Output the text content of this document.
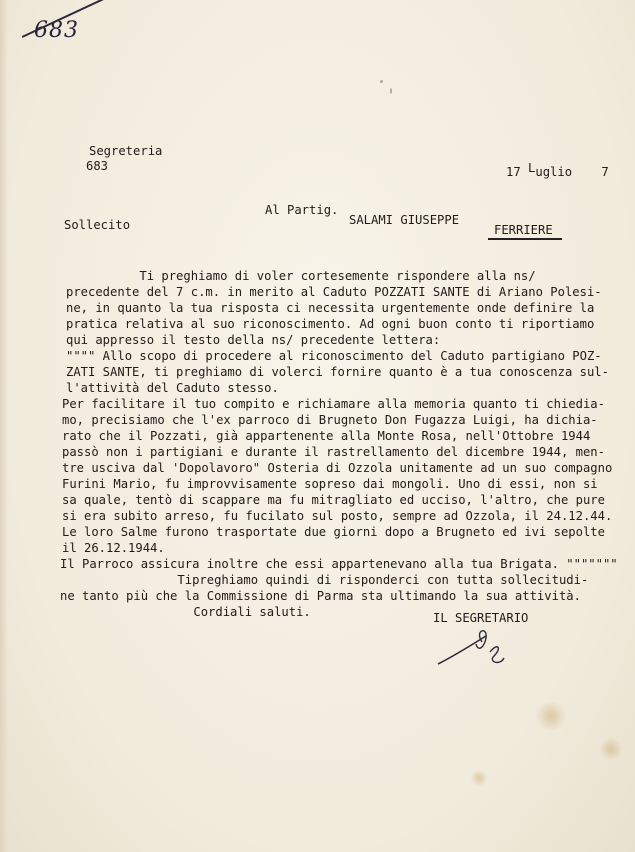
683
Segreteria
683	17 Luglio 7
Al Partig.
SALAMI GIUSEPPE
Sollecito	FERRIERE
Ti preghiamo di voler cortesemente rispondere alla ns/
precedente del 7 c.m. in merito al Caduto POZZATI SANTE di Ariano Polesi-
ne, in quanto la tua risposta ci necessita urgentemente onde definire la
pratica relativa al suo riconoscimento. Ad ogni buon conto ti riportiamo
qui appresso il testo della ns/ precedente lettera:
"""" Allo scopo di procedere al riconoscimento del Caduto partigiano POZ-
ZATI SANTE, ti preghiamo di volerci fornire quanto è a tua conoscenza sul-
l'attività del Caduto stesso.
Per facilitare il tuo compito e richiamare alla memoria quanto ti chiedia-
mo, precisiamo che l'ex parroco di Brugneto Don Fugazza Luigi, ha dichia-
rato che il Pozzati, già appartenente alla Monte Rosa, nell'Ottobre 1944
passò non i partigiani e durante il rastrellamento del dicembre 1944, men-
tre usciva dal 'Dopolavoro" Osteria di Ozzola unitamente ad un suo compagno
Furini Mario, fu improvvisamente sopreso dai mongoli. Uno di essi, non si
sa quale, tentò di scappare ma fu mitragliato ed ucciso, l'altro, che pure
si era subito arreso, fu fucilato sul posto, sempre ad Ozzola, il 24.12.44.
Le loro Salme furono trasportate due giorni dopo a Brugneto ed ivi sepolte
il 26.12.1944.
Il Parroco assicura inoltre che essi appartenevano alla tua Brigata. """""""
Tipreghiamo quindi di risponderci con tutta sollecitudi-
ne tanto più che la Commissione di Parma sta ultimando la sua attività.
Cordiali saluti.	IL SEGRETARIO
